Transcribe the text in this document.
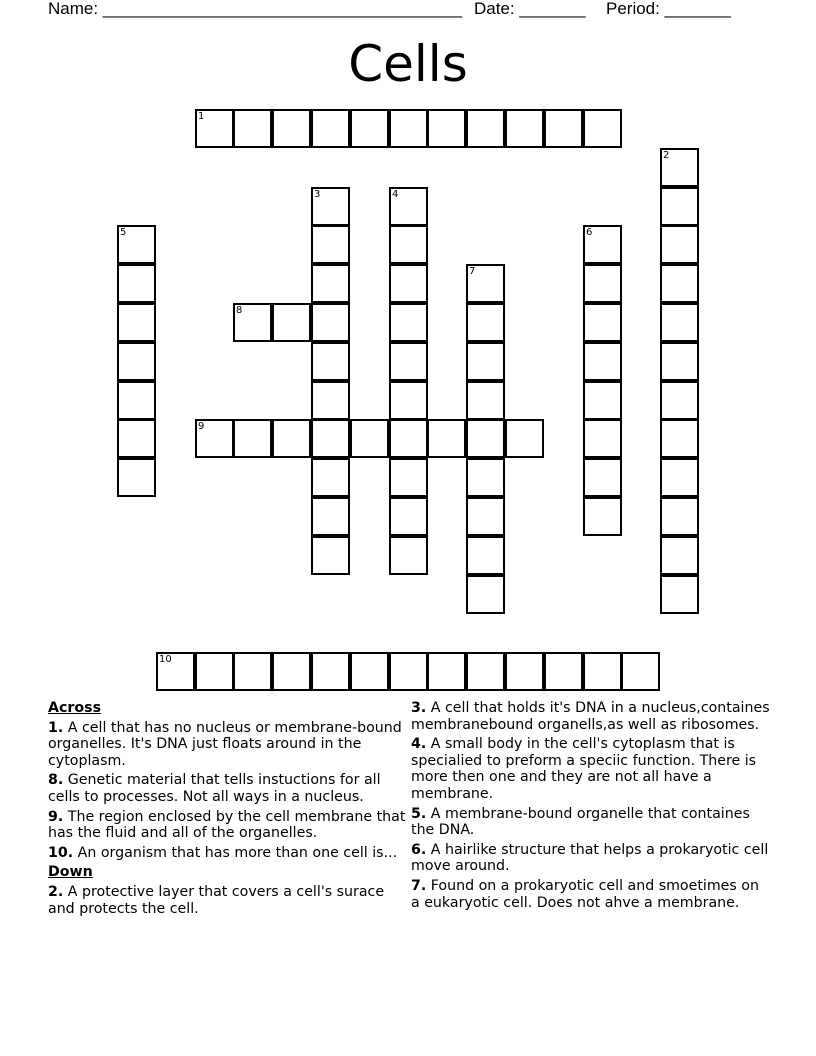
Name: ______________________________________ Date: _______ Period: _______
Cells
1
2
3	4
5	6
7
8
9
10
Across
1. A cell that has no nucleus or membrane-bound organelles. It's DNA just floats around in the cytoplasm.
8. Genetic material that tells instuctions for all cells to processes. Not all ways in a nucleus.
9. The region enclosed by the cell membrane that has the fluid and all of the organelles.
10. An organism that has more than one cell is...
Down
2. A protective layer that covers a cell's surace and protects the cell.
3. A cell that holds it's DNA in a nucleus,containes membranebound organells,as well as ribosomes.
4. A small body in the cell's cytoplasm that is specialied to preform a speciic function. There is more then one and they are not all have a membrane.
5. A membrane-bound organelle that containes the DNA.
6. A hairlike structure that helps a prokaryotic cell move around.
7. Found on a prokaryotic cell and smoetimes on a eukaryotic cell. Does not ahve a membrane.
